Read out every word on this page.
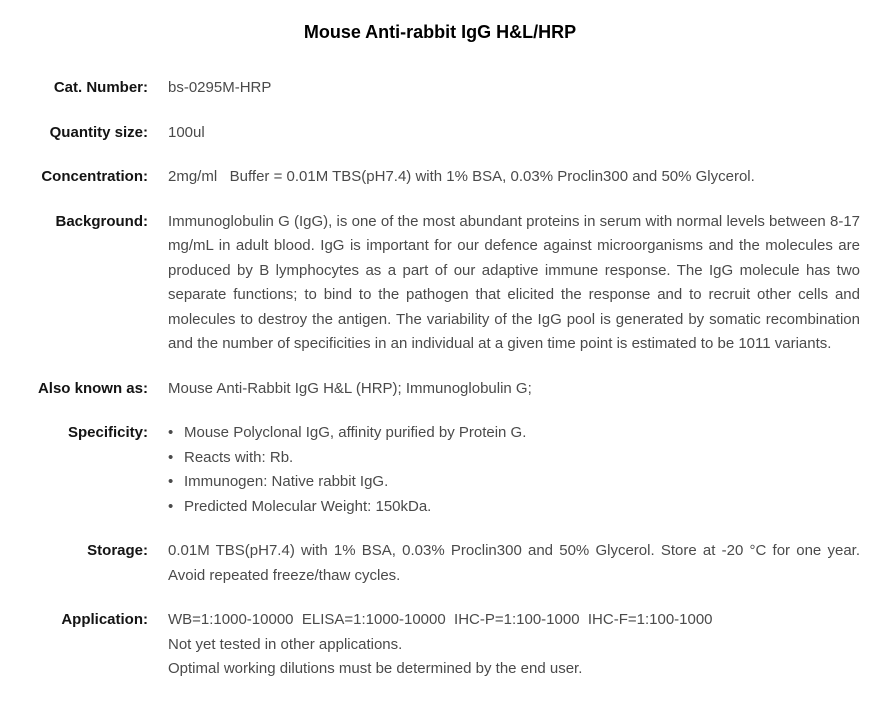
Mouse Anti-rabbit IgG H&L/HRP
Cat. Number: bs-0295M-HRP
Quantity size: 100ul
Concentration: 2mg/ml   Buffer = 0.01M TBS(pH7.4) with 1% BSA, 0.03% Proclin300 and 50% Glycerol.
Background: Immunoglobulin G (IgG), is one of the most abundant proteins in serum with normal levels between 8-17 mg/mL in adult blood. IgG is important for our defence against microorganisms and the molecules are produced by B lymphocytes as a part of our adaptive immune response. The IgG molecule has two separate functions; to bind to the pathogen that elicited the response and to recruit other cells and molecules to destroy the antigen. The variability of the IgG pool is generated by somatic recombination and the number of specificities in an individual at a given time point is estimated to be 1011 variants.
Also known as: Mouse Anti-Rabbit IgG H&L (HRP); Immunoglobulin G;
Specificity: • Mouse Polyclonal IgG, affinity purified by Protein G.
• Reacts with: Rb.
• Immunogen: Native rabbit IgG.
• Predicted Molecular Weight: 150kDa.
Storage: 0.01M TBS(pH7.4) with 1% BSA, 0.03% Proclin300 and 50% Glycerol. Store at -20 °C for one year. Avoid repeated freeze/thaw cycles.
Application: WB=1:1000-10000  ELISA=1:1000-10000  IHC-P=1:100-1000  IHC-F=1:100-1000
Not yet tested in other applications.
Optimal working dilutions must be determined by the end user.
